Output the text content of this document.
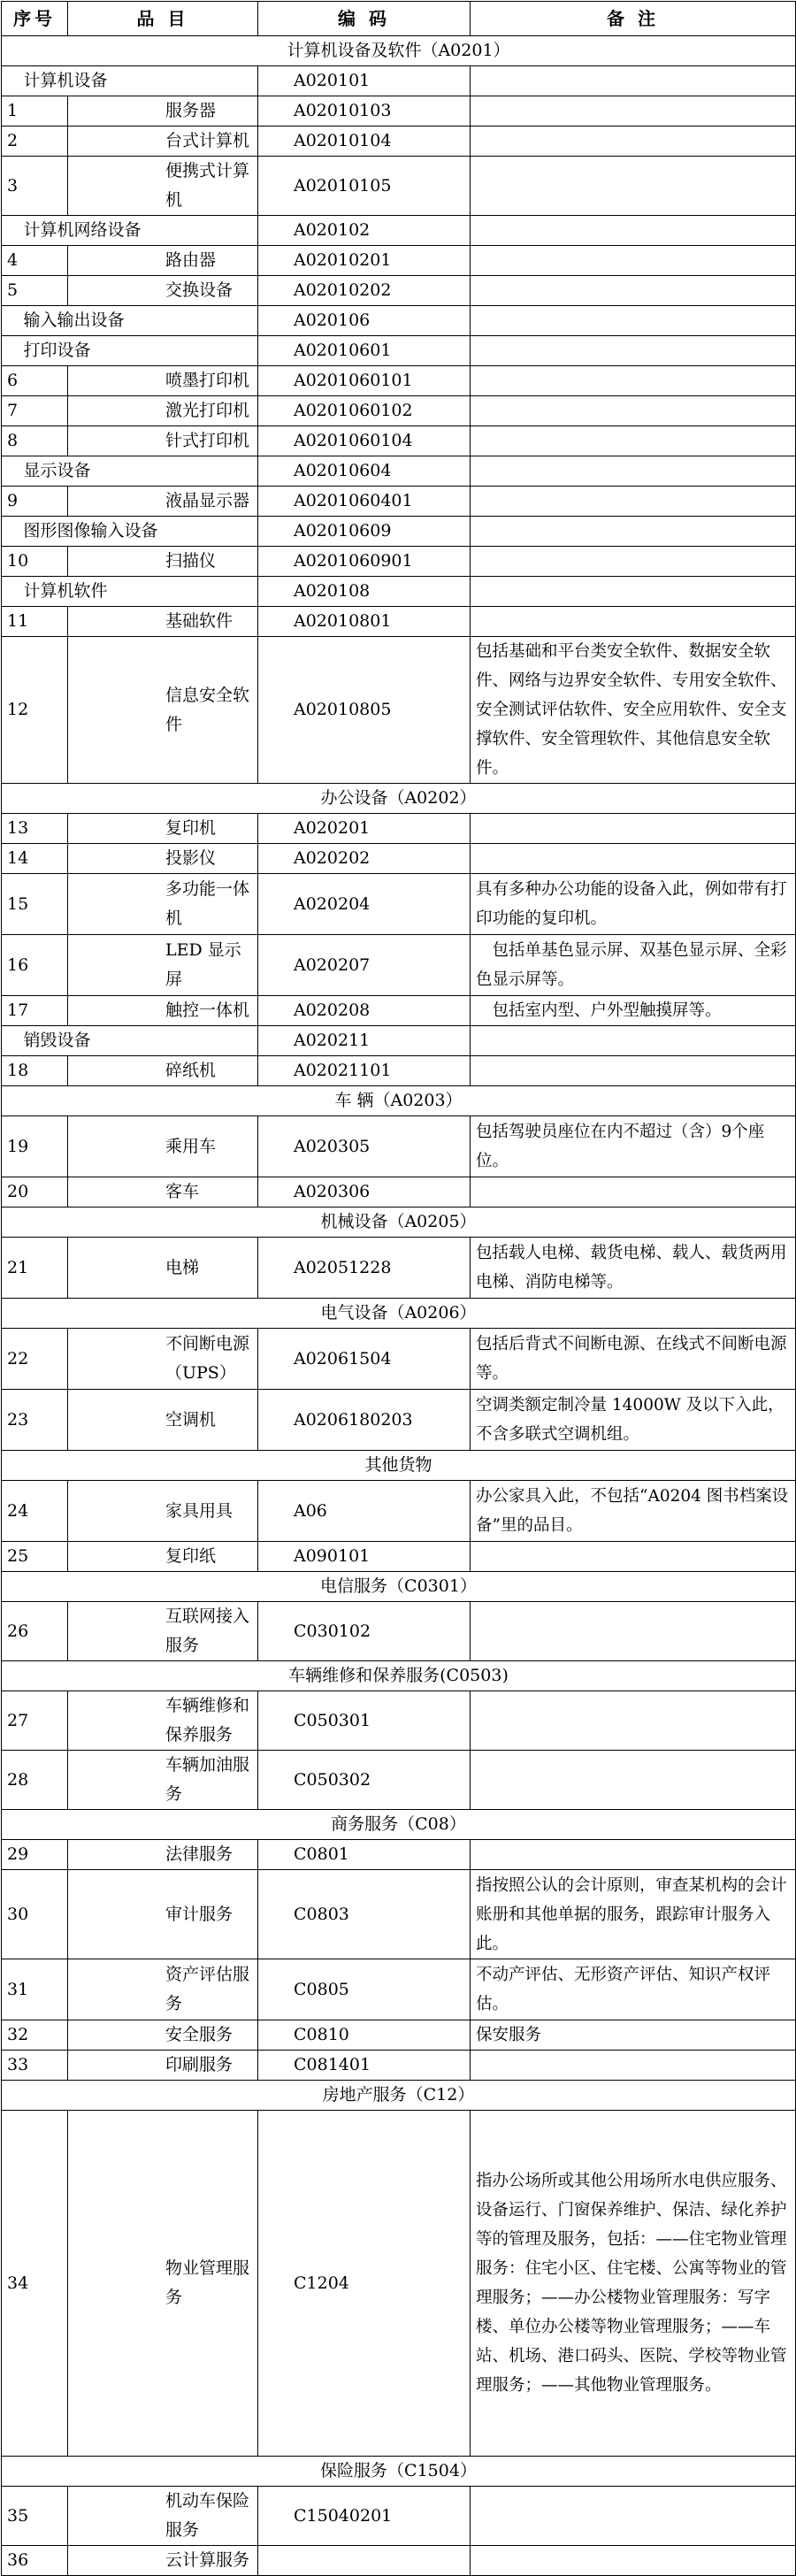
序号	品 目	编 码	备 注
计算机设备及软件（A0201）			
	计算机设备	A020101	
1	服务器	A02010103	
2	台式计算机	A02010104	
3	便携式计算机	A02010105	
	计算机网络设备	A020102	
4	路由器	A02010201	
5	交换设备	A02010202	
	输入输出设备	A020106	
	打印设备	A02010601	
6	喷墨打印机	A0201060101	
7	激光打印机	A0201060102	
8	针式打印机	A0201060104	
	显示设备	A02010604	
9	液晶显示器	A0201060401	
	图形图像输入设备	A02010609	
10	扫描仪	A0201060901	
	计算机软件	A020108	
11	基础软件	A02010801	
12	信息安全软件	A02010805	包括基础和平台类安全软件、数据安全软件、网络与边界安全软件、专用安全软件、安全测试评估软件、安全应用软件、安全支撑软件、安全管理软件、其他信息安全软件。
办公设备（A0202）			
13	复印机	A020201	
14	投影仪	A020202	
15	多功能一体机	A020204	具有多种办公功能的设备入此，例如带有打印功能的复印机。
16	LED 显示屏	A020207	　包括单基色显示屏、双基色显示屏、全彩色显示屏等。
17	触控一体机	A020208	　包括室内型、户外型触摸屏等。
	销毁设备	A020211	
18	碎纸机	A02021101	
车 辆（A0203）			
19	乘用车	A020305	包括驾驶员座位在内不超过（含）9个座位。
20	客车	A020306	
机械设备（A0205）			
21	电梯	A02051228	包括载人电梯、载货电梯、载人、载货两用电梯、消防电梯等。
电气设备（A0206）			
22	不间断电源（UPS）	A02061504	包括后背式不间断电源、在线式不间断电源等。
23	空调机	A0206180203	空调类额定制冷量 14000W 及以下入此，不含多联式空调机组。
其他货物			
24	家具用具	A06	办公家具入此，不包括“A0204 图书档案设备”里的品目。
25	复印纸	A090101	
电信服务（C0301）			
26	互联网接入服务	C030102	
车辆维修和保养服务(C0503)			
27	车辆维修和保养服务	C050301	
28	车辆加油服务	C050302	
商务服务（C08）			
29	法律服务	C0801	
30	审计服务	C0803	指按照公认的会计原则，审查某机构的会计账册和其他单据的服务，跟踪审计服务入此。
31	资产评估服务	C0805	不动产评估、无形资产评估、知识产权评估。
32	安全服务	C0810	保安服务
33	印刷服务	C081401	
房地产服务（C12）			
34	物业管理服务	C1204	指办公场所或其他公用场所水电供应服务、设备运行、门窗保养维护、保洁、绿化养护等的管理及服务，包括：——住宅物业管理服务：住宅小区、住宅楼、公寓等物业的管理服务；——办公楼物业管理服务：写字楼、单位办公楼等物业管理服务；——车站、机场、港口码头、医院、学校等物业管理服务；——其他物业管理服务。
保险服务（C1504）			
35	机动车保险服务	C15040201	
36	云计算服务		
